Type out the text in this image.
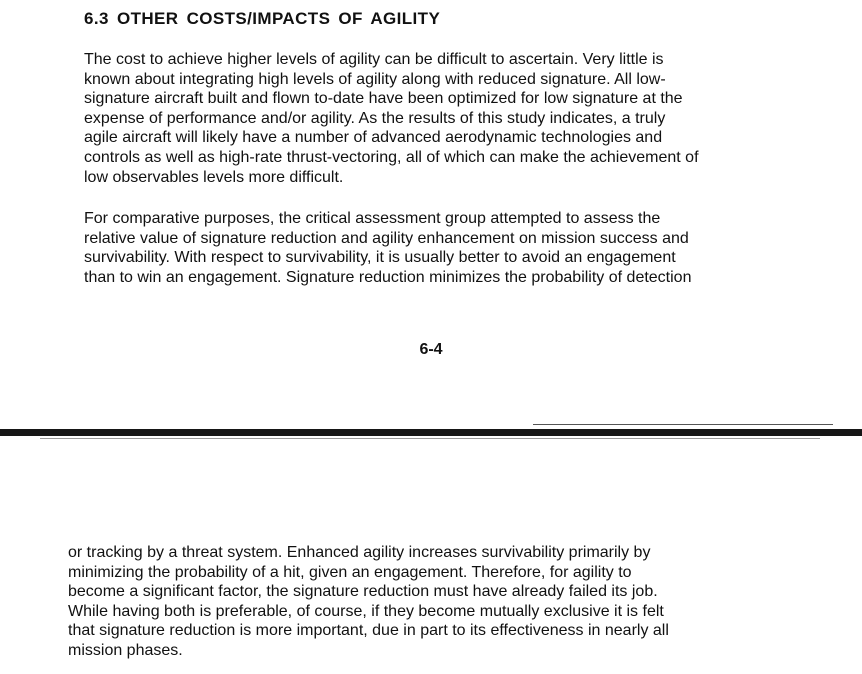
6.3 OTHER COSTS/IMPACTS OF AGILITY

The cost to achieve higher levels of agility can be difficult to ascertain. Very little is
known about integrating high levels of agility along with reduced signature. All low-
signature aircraft built and flown to-date have been optimized for low signature at the
expense of performance and/or agility. As the results of this study indicates, a truly
agile aircraft will likely have a number of advanced aerodynamic technologies and
controls as well as high-rate thrust-vectoring, all of which can make the achievement of
low observables levels more difficult.

For comparative purposes, the critical assessment group attempted to assess the
relative value of signature reduction and agility enhancement on mission success and
survivability. With respect to survivability, it is usually better to avoid an engagement
than to win an engagement. Signature reduction minimizes the probability of detection

6-4

or tracking by a threat system. Enhanced agility increases survivability primarily by
minimizing the probability of a hit, given an engagement. Therefore, for agility to
become a significant factor, the signature reduction must have already failed its job.
While having both is preferable, of course, if they become mutually exclusive it is felt
that signature reduction is more important, due in part to its effectiveness in nearly all
mission phases.
